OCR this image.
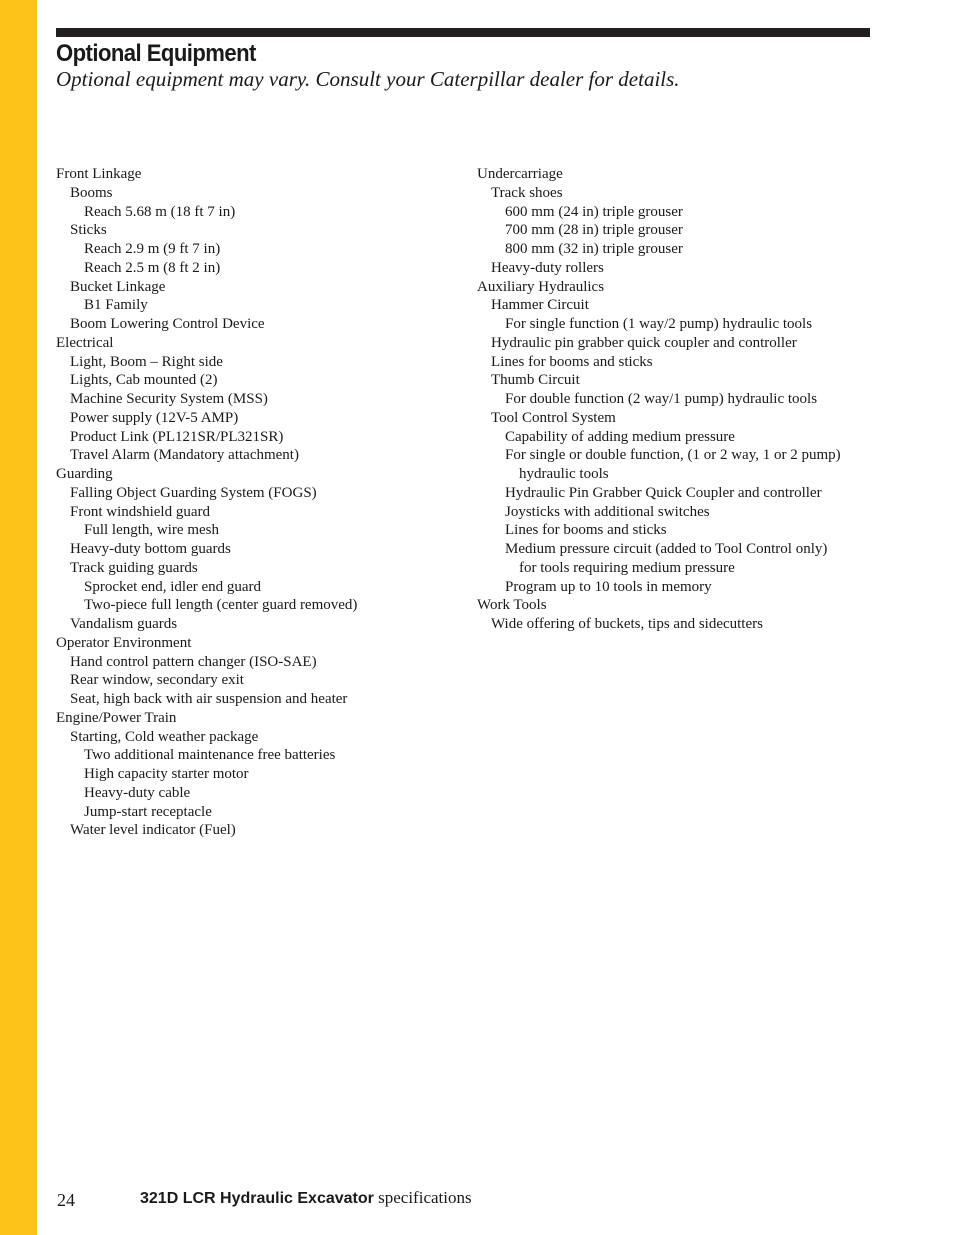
Optional Equipment

Optional equipment may vary. Consult your Caterpillar dealer for details.

Front Linkage
Booms
Reach 5.68 m (18 ft 7 in)
Sticks
Reach 2.9 m (9 ft 7 in)
Reach 2.5 m (8 ft 2 in)
Bucket Linkage
B1 Family
Boom Lowering Control Device
Electrical
Light, Boom – Right side
Lights, Cab mounted (2)
Machine Security System (MSS)
Power supply (12V-5 AMP)
Product Link (PL121SR/PL321SR)
Travel Alarm (Mandatory attachment)
Guarding
Falling Object Guarding System (FOGS)
Front windshield guard
Full length, wire mesh
Heavy-duty bottom guards
Track guiding guards
Sprocket end, idler end guard
Two-piece full length (center guard removed)
Vandalism guards
Operator Environment
Hand control pattern changer (ISO-SAE)
Rear window, secondary exit
Seat, high back with air suspension and heater
Engine/Power Train
Starting, Cold weather package
Two additional maintenance free batteries
High capacity starter motor
Heavy-duty cable
Jump-start receptacle
Water level indicator (Fuel)
Undercarriage
Track shoes
600 mm (24 in) triple grouser
700 mm (28 in) triple grouser
800 mm (32 in) triple grouser
Heavy-duty rollers
Auxiliary Hydraulics
Hammer Circuit
For single function (1 way/2 pump) hydraulic tools
Hydraulic pin grabber quick coupler and controller
Lines for booms and sticks
Thumb Circuit
For double function (2 way/1 pump) hydraulic tools
Tool Control System
Capability of adding medium pressure
For single or double function, (1 or 2 way, 1 or 2 pump)
hydraulic tools
Hydraulic Pin Grabber Quick Coupler and controller
Joysticks with additional switches
Lines for booms and sticks
Medium pressure circuit (added to Tool Control only)
for tools requiring medium pressure
Program up to 10 tools in memory
Work Tools
Wide offering of buckets, tips and sidecutters
24	321D LCR Hydraulic Excavator specifications
